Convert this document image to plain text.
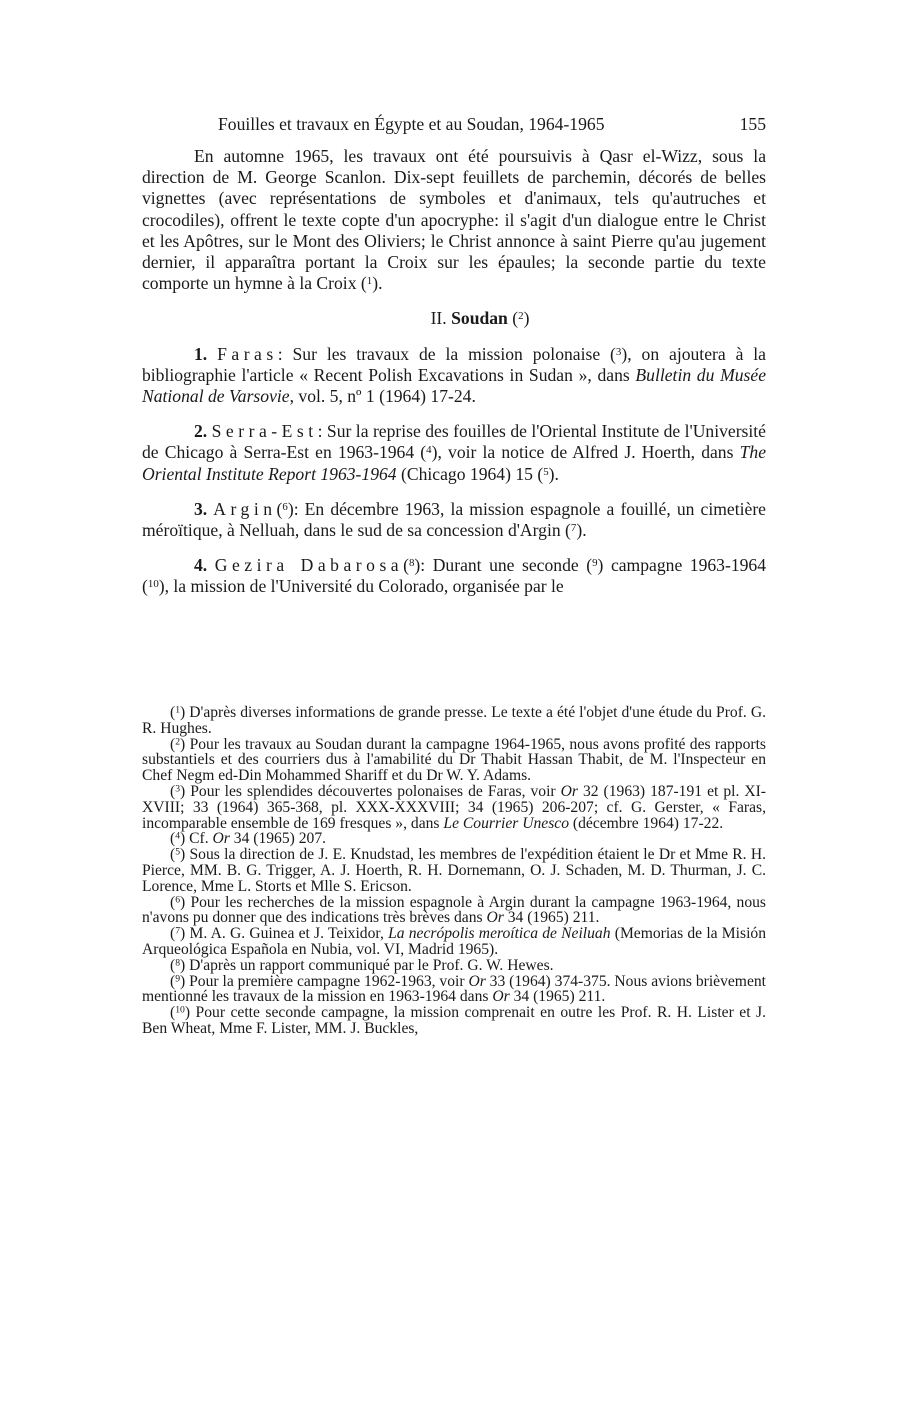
Fouilles et travaux en Égypte et au Soudan, 1964-1965	155

En automne 1965, les travaux ont été poursuivis à Qasr el-Wizz, sous la direction de M. George Scanlon. Dix-sept feuillets de parchemin, décorés de belles vignettes (avec représentations de symboles et d'animaux, tels qu'autruches et crocodiles), offrent le texte copte d'un apocryphe: il s'agit d'un dialogue entre le Christ et les Apôtres, sur le Mont des Oliviers; le Christ annonce à saint Pierre qu'au jugement dernier, il apparaîtra portant la Croix sur les épaules; la seconde partie du texte comporte un hymne à la Croix ($^1$).

II. Soudan ($^2$)

1. Faras: Sur les travaux de la mission polonaise ($^3$), on ajoutera à la bibliographie l'article « Recent Polish Excavations in Sudan », dans Bulletin du Musée National de Varsovie, vol. 5, nº 1 (1964) 17-24.

2. Serra-Est: Sur la reprise des fouilles de l'Oriental Institute de l'Université de Chicago à Serra-Est en 1963-1964 ($^4$), voir la notice de Alfred J. Hoerth, dans The Oriental Institute Report 1963-1964 (Chicago 1964) 15 ($^5$).

3. Argin($^6$): En décembre 1963, la mission espagnole a fouillé, un cimetière méroïtique, à Nelluah, dans le sud de sa concession d'Argin ($^7$).

4. Gezira Dabarosa($^8$): Durant une seconde ($^9$) campagne 1963-1964 ($^{10}$), la mission de l'Université du Colorado, organisée par le

($^1$) D'après diverses informations de grande presse. Le texte a été l'objet d'une étude du Prof. G. R. Hughes.

($^2$) Pour les travaux au Soudan durant la campagne 1964-1965, nous avons profité des rapports substantiels et des courriers dus à l'amabilité du Dr Thabit Hassan Thabit, de M. l'Inspecteur en Chef Negm ed-Din Mohammed Shariff et du Dr W. Y. Adams.

($^3$) Pour les splendides découvertes polonaises de Faras, voir Or 32 (1963) 187-191 et pl. XI-XVIII; 33 (1964) 365-368, pl. XXX-XXXVIII; 34 (1965) 206-207; cf. G. Gerster, « Faras, incomparable ensemble de 169 fresques », dans Le Courrier Unesco (décembre 1964) 17-22.

($^4$) Cf. Or 34 (1965) 207.

($^5$) Sous la direction de J. E. Knudstad, les membres de l'expédition étaient le Dr et Mme R. H. Pierce, MM. B. G. Trigger, A. J. Hoerth, R. H. Dornemann, O. J. Schaden, M. D. Thurman, J. C. Lorence, Mme L. Storts et Mlle S. Ericson.

($^6$) Pour les recherches de la mission espagnole à Argin durant la campagne 1963-1964, nous n'avons pu donner que des indications très brèves dans Or 34 (1965) 211.

($^7$) M. A. G. Guinea et J. Teixidor, La necrópolis meroítica de Neiluah (Memorias de la Misión Arqueológica Española en Nubia, vol. VI, Madrid 1965).

($^8$) D'après un rapport communiqué par le Prof. G. W. Hewes.

($^9$) Pour la première campagne 1962-1963, voir Or 33 (1964) 374-375. Nous avions brièvement mentionné les travaux de la mission en 1963-1964 dans Or 34 (1965) 211.

($^{10}$) Pour cette seconde campagne, la mission comprenait en outre les Prof. R. H. Lister et J. Ben Wheat, Mme F. Lister, MM. J. Buckles,
